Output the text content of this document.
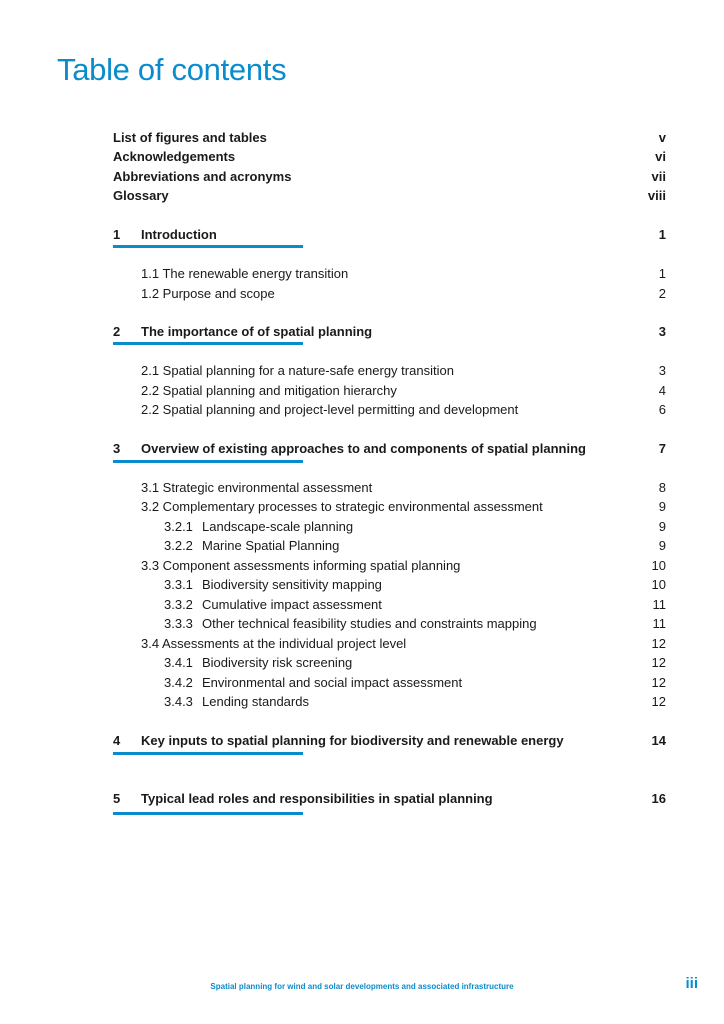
Table of contents
List of figures and tables	v
Acknowledgements	vi
Abbreviations and acronyms	vii
Glossary	viii
1 Introduction	1
1.1 The renewable energy transition	1
1.2 Purpose and scope	2
2 The importance of of spatial planning	3
2.1 Spatial planning for a nature-safe energy transition	3
2.2 Spatial planning and mitigation hierarchy	4
2.2 Spatial planning and project-level permitting and development	6
3 Overview of existing approaches to and components of spatial planning	7
3.1 Strategic environmental assessment	8
3.2 Complementary processes to strategic environmental assessment	9
3.2.1 Landscape-scale planning	9
3.2.2 Marine Spatial Planning	9
3.3 Component assessments informing spatial planning	10
3.3.1 Biodiversity sensitivity mapping	10
3.3.2 Cumulative impact assessment	11
3.3.3 Other technical feasibility studies and constraints mapping	11
3.4 Assessments at the individual project level	12
3.4.1 Biodiversity risk screening	12
3.4.2 Environmental and social impact assessment	12
3.4.3 Lending standards	12
4 Key inputs to spatial planning for biodiversity and renewable energy	14
5 Typical lead roles and responsibilities in spatial planning	16
Spatial planning for wind and solar developments and associated infrastructure	iii
